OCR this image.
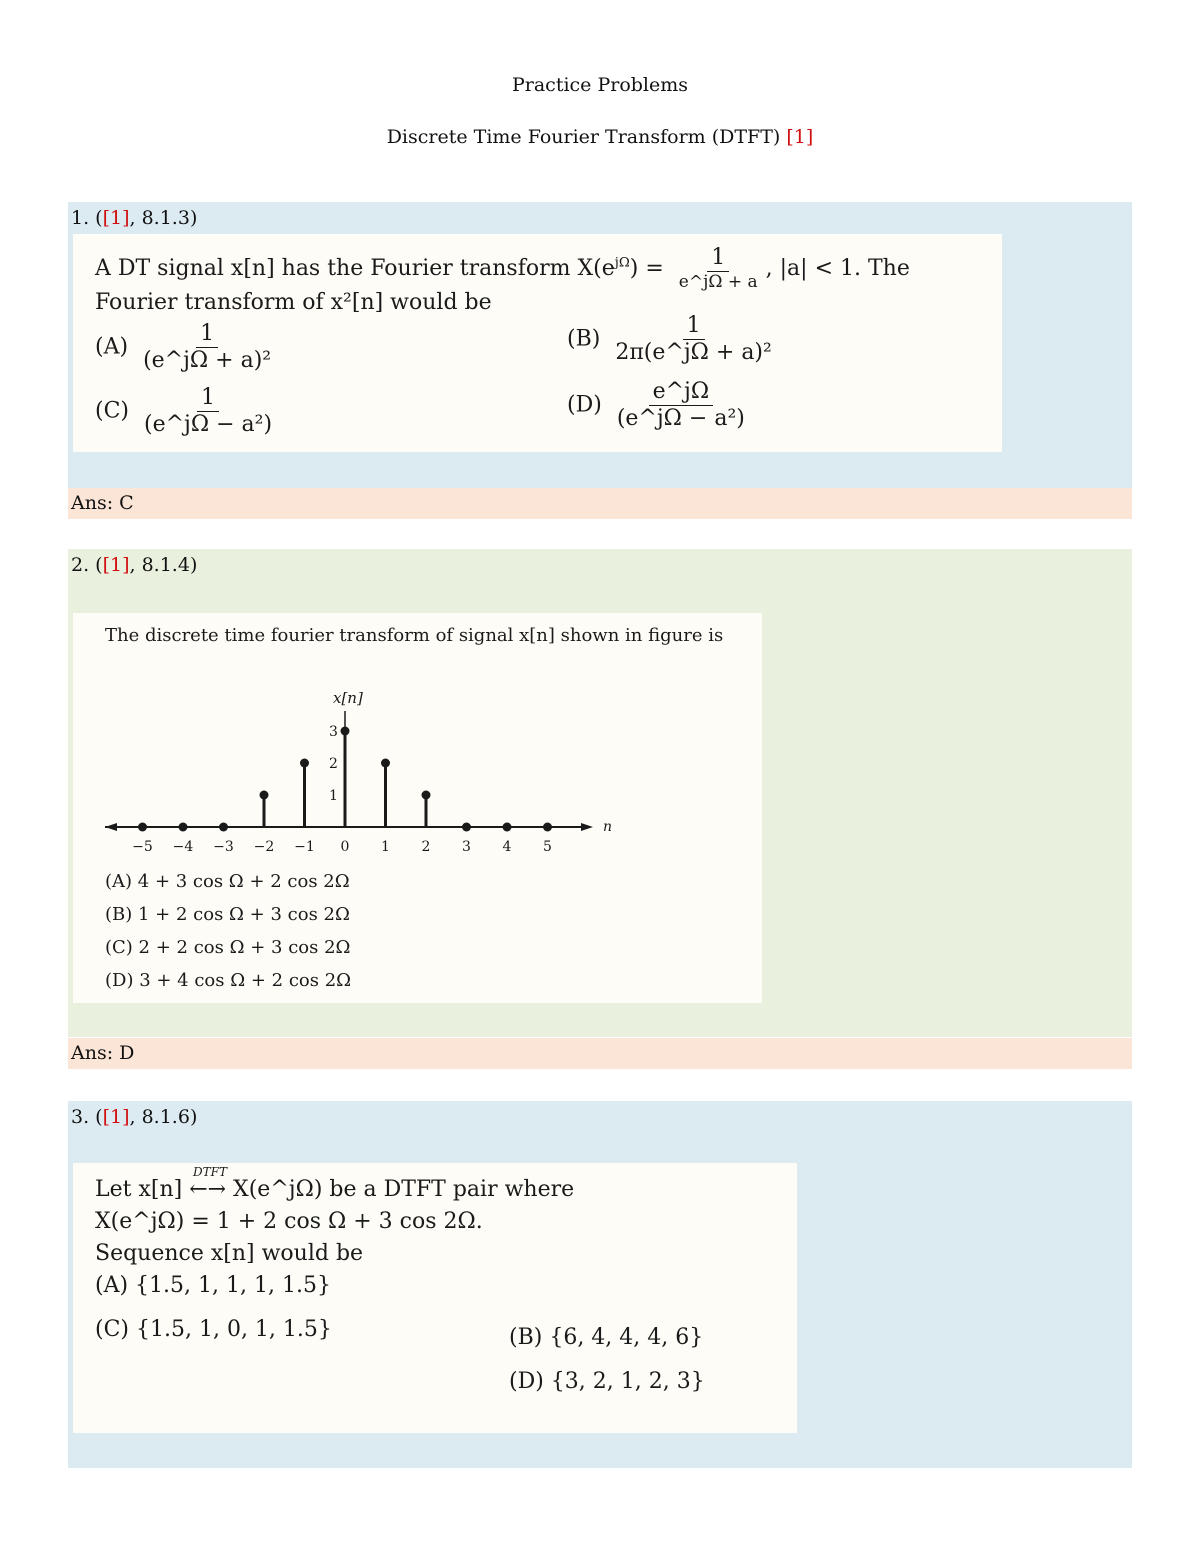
Practice Problems
Discrete Time Fourier Transform (DTFT) [1]
1. ([1], 8.1.3)
A DT signal x[n] has the Fourier transform $X(e^{j\Omega}) = \frac{1}{e\^{}j\Omega + a}$ , |a| < 1. The
Fourier transform of x²[n] would be
$(A) \frac{1}{\text{(e\textasciicircum{}jΩ + a)²}}$	$(B) \frac{1}{\text{2π(e\textasciicircum{}jΩ + a)²}}$
$(C) \frac{1}{\text{(e\textasciicircum{}jΩ − a²)}}$	$(D) \frac{e\^{}j\Omega}{\text{(e\textasciicircum{}jΩ − a²)}}$
Ans: C
2. ([1], 8.1.4)
The discrete time fourier transform of signal x[n] shown in figure is
x[n]
n
1
2
3
−5 −4 −3 −2 −1 0 1 2 3 4 5
(A) 4 + 3 cos Ω + 2 cos 2Ω
(B) 1 + 2 cos Ω + 3 cos 2Ω
(C) 2 + 2 cos Ω + 3 cos 2Ω
(D) 3 + 4 cos Ω + 2 cos 2Ω
Ans: D
3. ([1], 8.1.6)
Let x[n] ←→ X(e^jΩ) be a DTFT pair where
DTFT
X(e^jΩ) = 1 + 2 cos Ω + 3 cos 2Ω.
Sequence x[n] would be
(A) {1.5, 1, 1, 1, 1.5}
(C) {1.5, 1, 0, 1, 1.5}	(B) {6, 4, 4, 4, 6}
(D) {3, 2, 1, 2, 3}
